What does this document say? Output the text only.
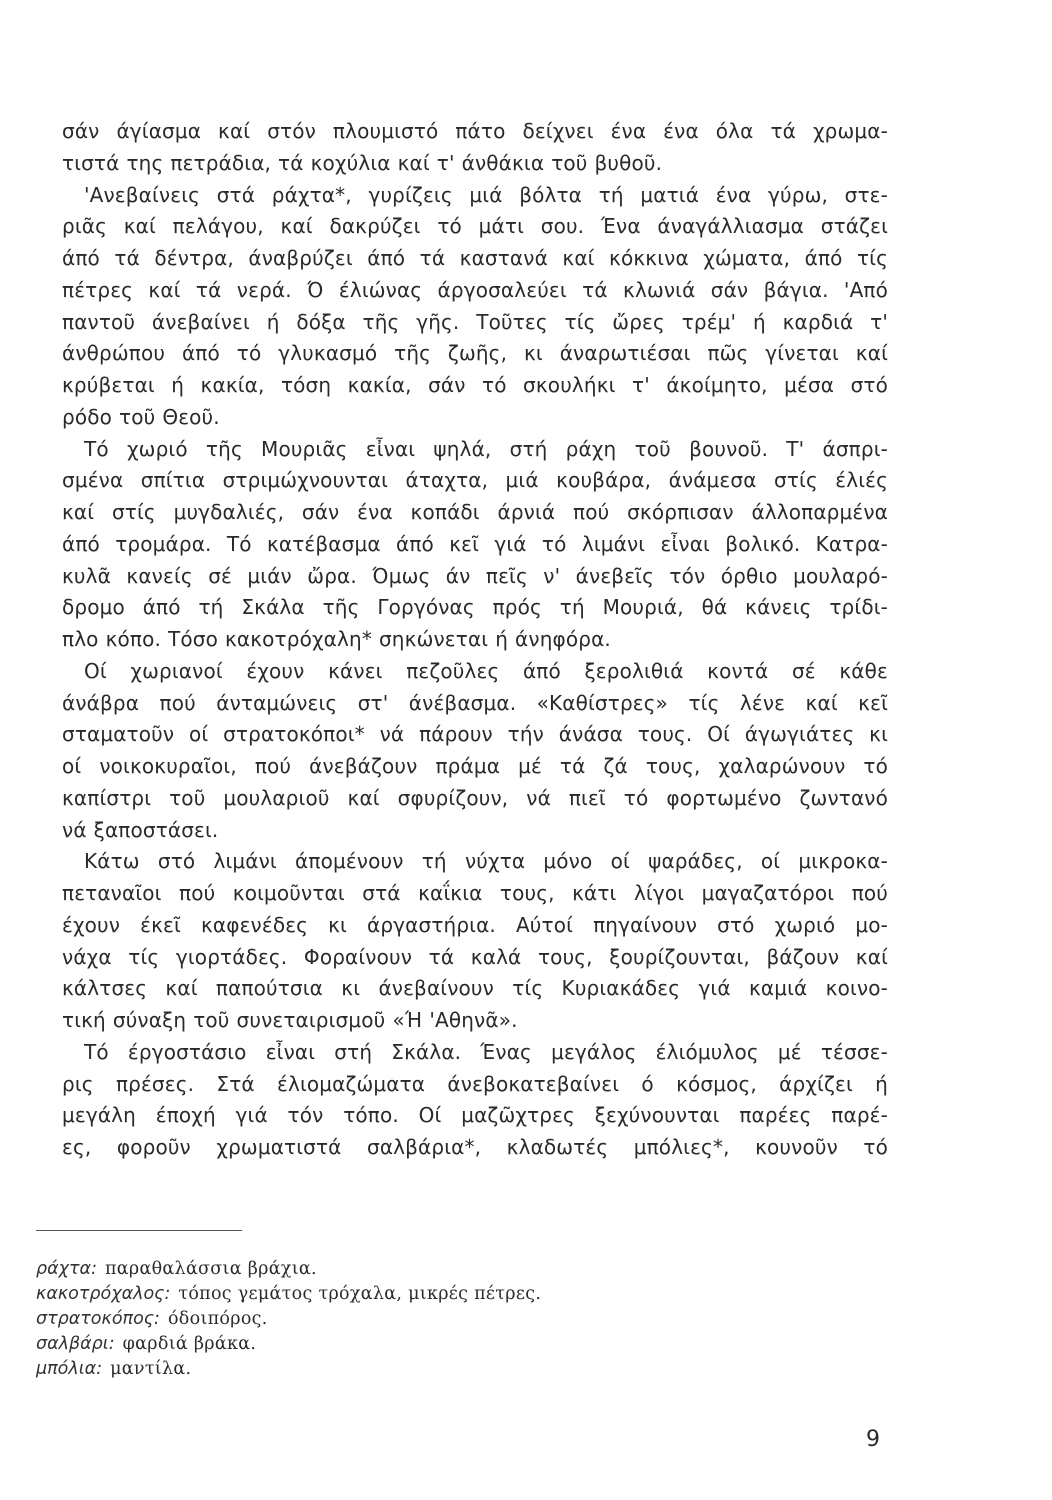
σάν άγίασμα καί στόν πλουμιστό πάτο δείχνει ένα ένα όλα τά χρωμα-
τιστά της πετράδια, τά κοχύλια καί τ' άνθάκια τοῦ βυθοῦ.
'Ανεβαίνεις στά ράχτα*, γυρίζεις μιά βόλτα τή ματιά ένα γύρω, στε-
ριᾶς καί πελάγου, καί δακρύζει τό μάτι σου. Ένα άναγάλλιασμα στάζει
άπό τά δέντρα, άναβρύζει άπό τά καστανά καί κόκκινα χώματα, άπό τίς
πέτρες καί τά νερά. Ό έλιώνας άργοσαλεύει τά κλωνιά σάν βάγια. 'Από
παντοῦ άνεβαίνει ή δόξα τῆς γῆς. Τοῦτες τίς ὤρες τρέμ' ή καρδιά τ'
άνθρώπου άπό τό γλυκασμό τῆς ζωῆς, κι άναρωτιέσαι πῶς γίνεται καί
κρύβεται ή κακία, τόση κακία, σάν τό σκουλήκι τ' άκοίμητο, μέσα στό
ρόδο τοῦ Θεοῦ.
Τό χωριό τῆς Μουριᾶς εἶναι ψηλά, στή ράχη τοῦ βουνοῦ. Τ' άσπρι-
σμένα σπίτια στριμώχνουνται άταχτα, μιά κουβάρα, άνάμεσα στίς έλιές
καί στίς μυγδαλιές, σάν ένα κοπάδι άρνιά πού σκόρπισαν άλλοπαρμένα
άπό τρομάρα. Τό κατέβασμα άπό κεῖ γιά τό λιμάνι εἶναι βολικό. Κατρα-
κυλᾶ κανείς σέ μιάν ὤρα. Όμως άν πεῖς ν' άνεβεῖς τόν όρθιο μουλαρό-
δρομο άπό τή Σκάλα τῆς Γοργόνας πρός τή Μουριά, θά κάνεις τρίδι-
πλο κόπο. Τόσο κακοτρόχαλη* σηκώνεται ή άνηφόρα.
Οί χωριανοί έχουν κάνει πεζοῦλες άπό ξερολιθιά κοντά σέ κάθε
άνάβρα πού άνταμώνεις στ' άνέβασμα. «Καθίστρες» τίς λένε καί κεῖ
σταματοῦν οί στρατοκόποι* νά πάρουν τήν άνάσα τους. Οί άγωγιάτες κι
οί νοικοκυραῖοι, πού άνεβάζουν πράμα μέ τά ζά τους, χαλαρώνουν τό
καπίστρι τοῦ μουλαριοῦ καί σφυρίζουν, νά πιεῖ τό φορτωμένο ζωντανό
νά ξαποστάσει.
Κάτω στό λιμάνι άπομένουν τή νύχτα μόνο οί ψαράδες, οί μικροκα-
πεταναῖοι πού κοιμοῦνται στά καΐκια τους, κάτι λίγοι μαγαζατόροι πού
έχουν έκεῖ καφενέδες κι άργαστήρια. Αύτοί πηγαίνουν στό χωριό μο-
νάχα τίς γιορτάδες. Φοραίνουν τά καλά τους, ξουρίζουνται, βάζουν καί
κάλτσες καί παπούτσια κι άνεβαίνουν τίς Κυριακάδες γιά καμιά κοινο-
τική σύναξη τοῦ συνεταιρισμοῦ «Ή 'Αθηνᾶ».
Τό έργοστάσιο εἶναι στή Σκάλα. Ένας μεγάλος έλιόμυλος μέ τέσσε-
ρις πρέσες. Στά έλιομαζώματα άνεβοκατεβαίνει ό κόσμος, άρχίζει ή
μεγάλη έποχή γιά τόν τόπο. Οί μαζῶχτρες ξεχύνουνται παρέες παρέ-
ες, φοροῦν χρωματιστά σαλβάρια*, κλαδωτές μπόλιες*, κουνοῦν τό
ράχτα: παραθαλάσσια βράχια.
κακοτρόχαλος: τόπος γεμάτος τρόχαλα, μικρές πέτρες.
στρατοκόπος: όδοιπόρος.
σαλβάρι: φαρδιά βράκα.
μπόλια: μαντίλα.
9
